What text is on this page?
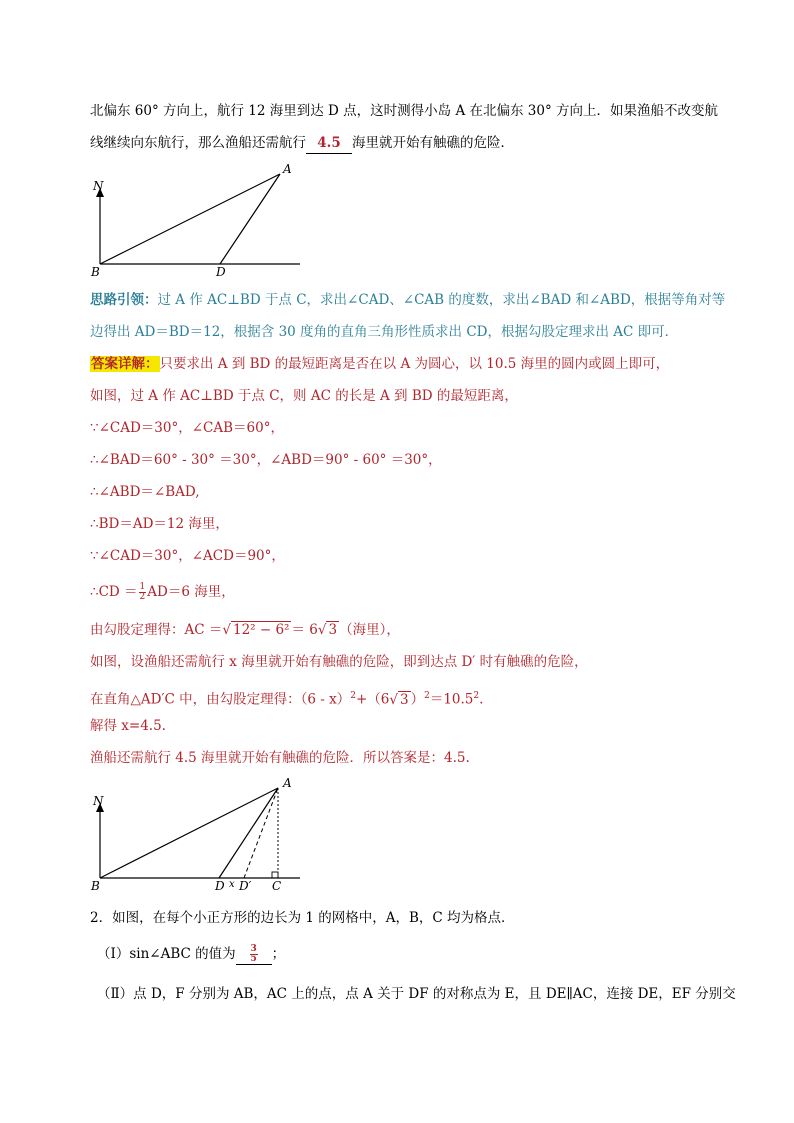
北偏东 60° 方向上，航行 12 海里到达 D 点，这时测得小岛 A 在北偏东 30° 方向上．如果渔船不改变航
线继续向东航行，那么渔船还需航行 4.5 海里就开始有触礁的危险．
N
A
B	D
思路引领：过 A 作 AC⊥BD 于点 C，求出∠CAD、∠CAB 的度数，求出∠BAD 和∠ABD，根据等角对等
边得出 AD＝BD＝12，根据含 30 度角的直角三角形性质求出 CD，根据勾股定理求出 AC 即可．
答案详解：只要求出 A 到 BD 的最短距离是否在以 A 为圆心，以 10.5 海里的圆内或圆上即可，
如图，过 A 作 AC⊥BD 于点 C，则 AC 的长是 A 到 BD 的最短距离，
∵∠CAD＝30°，∠CAB＝60°，
∴∠BAD＝60° - 30° ＝30°，∠ABD＝90° - 60° ＝30°，
∴∠ABD＝∠BAD,
∴BD＝AD＝12 海里，
∵∠CAD＝30°，∠ACD＝90°，
∴CD ＝ $\frac{1}{2} AD=6$ 海里，
由勾股定理得：AC ＝√ 12² − 6² ＝ 6√ 3 （海里），
如图，设渔船还需航行 x 海里就开始有触礁的危险，即到达点 D′ 时有触礁的危险，
在直角△AD′C 中，由勾股定理得：（6 - x）$^2$+（6√ 3 ）$^2=10.5^2$.
解得 x=4.5.
渔船还需航行 4.5 海里就开始有触礁的危险．所以答案是：4.5.
N
A
B	D x D′ C
2．如图，在每个小正方形的边长为 1 的网格中，A，B，C 均为格点．
（Ⅰ）sin∠ABC 的值为 $\frac{3}{5}$ ；
（Ⅱ）点 D，F 分别为 AB，AC 上的点，点 A 关于 DF 的对称点为 E，且 DE∥AC，连接 DE，EF 分别交
